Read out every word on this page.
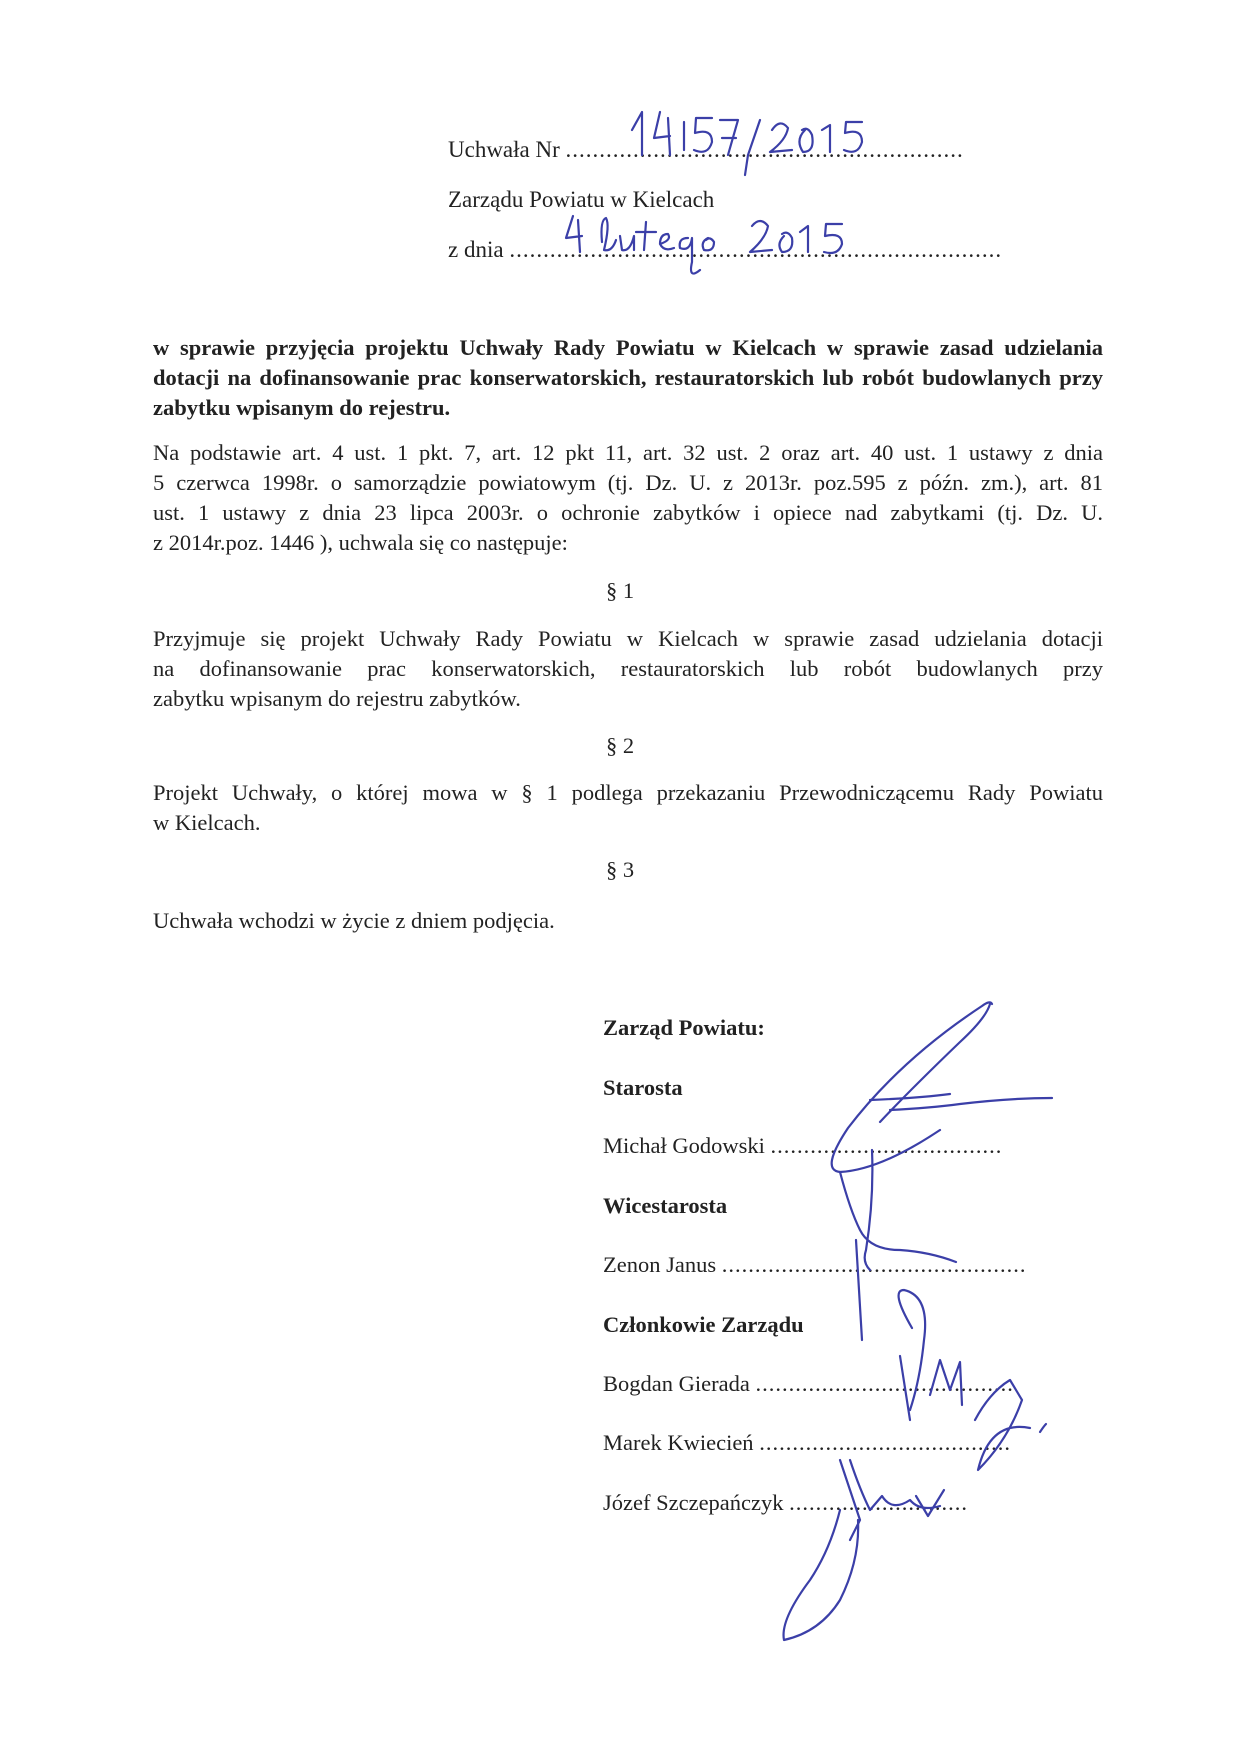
Uchwała Nr ...........................................................
Zarządu Powiatu w Kielcach
z dnia .........................................................................
w sprawie przyjęcia projektu Uchwały Rady Powiatu w Kielcach w sprawie zasad udzielania dotacji na dofinansowanie prac konserwatorskich, restauratorskich lub robót budowlanych przy zabytku wpisanym do rejestru.
Na podstawie art. 4 ust. 1 pkt. 7, art. 12 pkt 11, art. 32 ust. 2 oraz art. 40 ust. 1 ustawy z dnia
5 czerwca 1998r. o samorządzie powiatowym (tj. Dz. U. z 2013r. poz.595 z późn. zm.), art. 81
ust. 1 ustawy z dnia 23 lipca 2003r. o ochronie zabytków i opiece nad zabytkami (tj. Dz. U.
z 2014r.poz. 1446 ), uchwala się co następuje:
§ 1
Przyjmuje się projekt Uchwały Rady Powiatu w Kielcach w sprawie zasad udzielania dotacji
na dofinansowanie prac konserwatorskich, restauratorskich lub robót budowlanych przy
zabytku wpisanym do rejestru zabytków.
§ 2
Projekt Uchwały, o której mowa w § 1 podlega przekazaniu Przewodniczącemu Rady Powiatu
w Kielcach.
§ 3
Uchwała wchodzi w życie z dniem podjęcia.
Zarząd Powiatu:
Starosta
Michał Godowski ...................................
Wicestarosta
Zenon Janus ..............................................
Członkowie Zarządu
Bogdan Gierada .......................................
Marek Kwiecień ......................................
Józef Szczepańczyk ...........................
